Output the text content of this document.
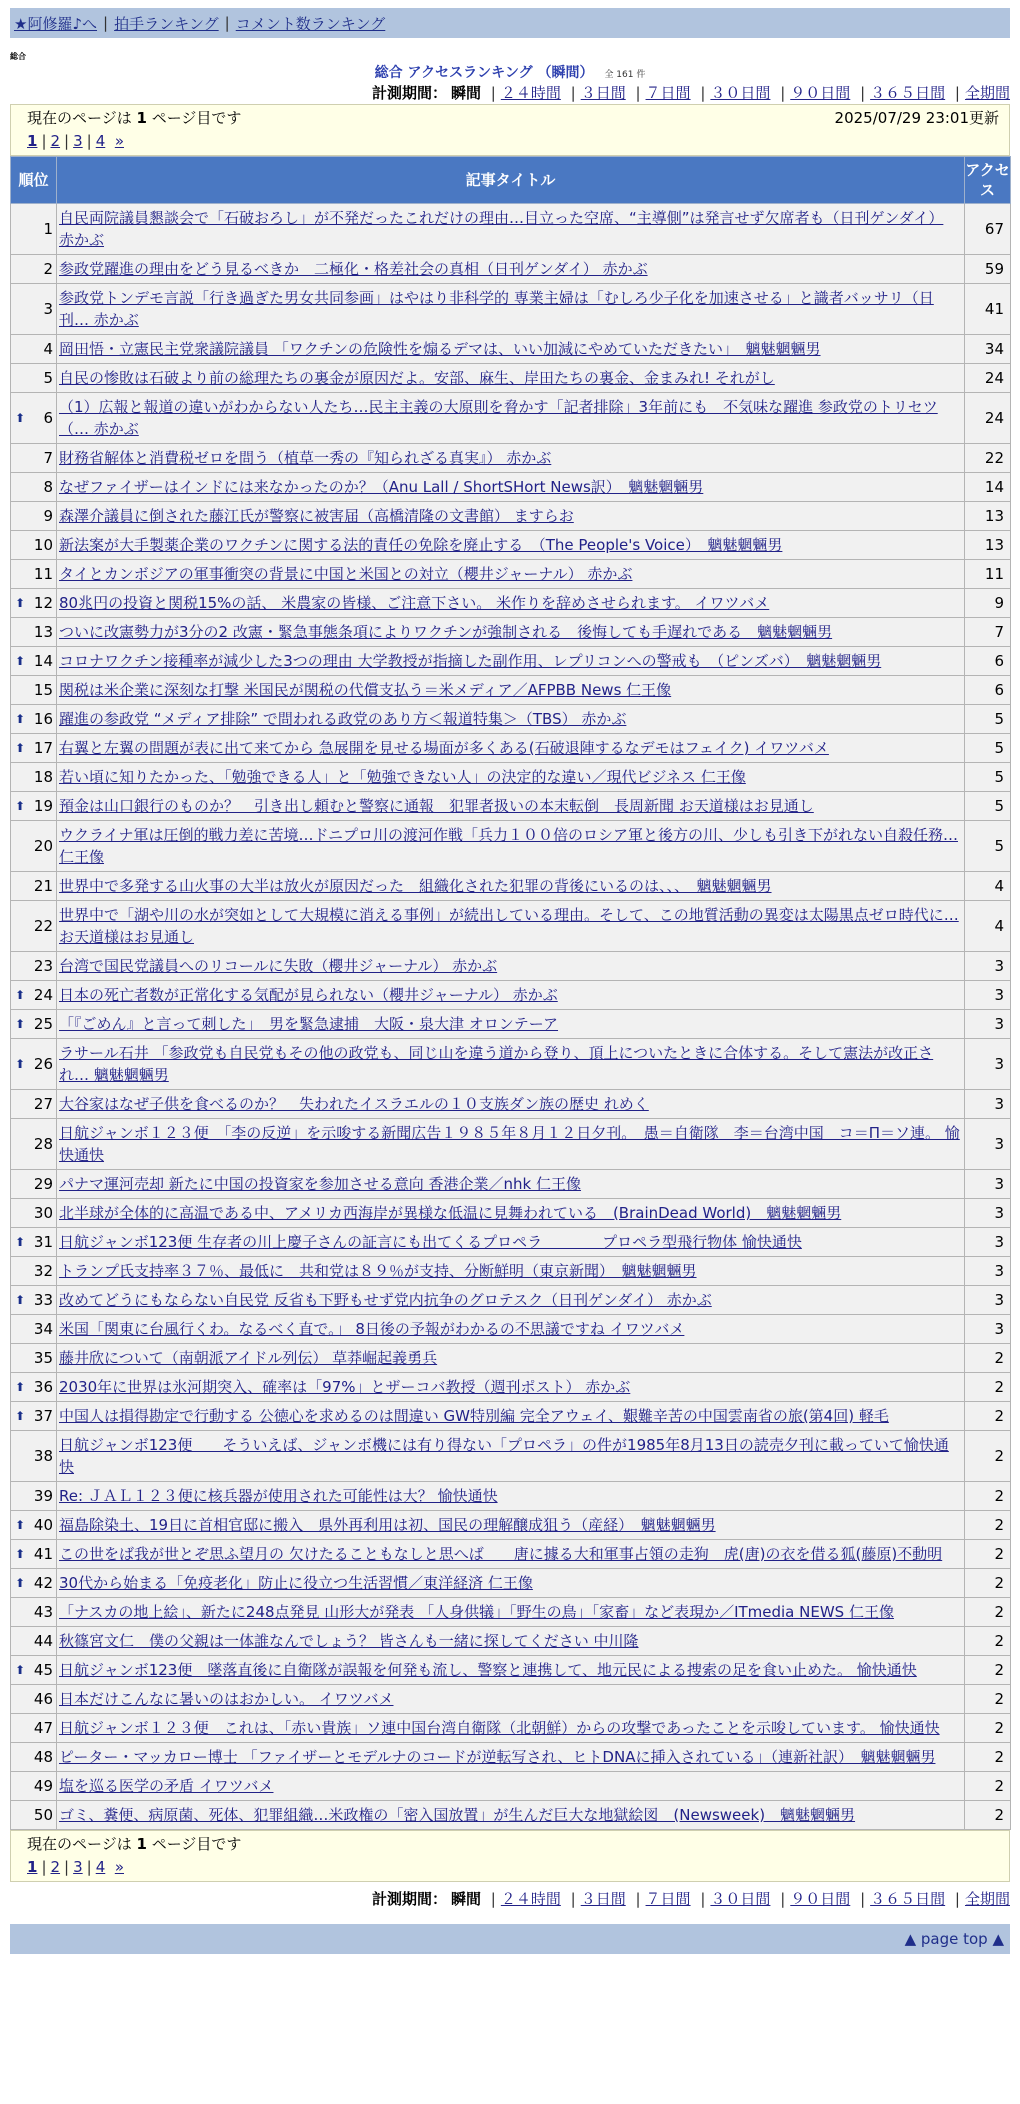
★阿修羅♪へ | 拍手ランキング | コメント数ランキング
総合
総合 アクセスランキング （瞬間） 全 161 件
計測期間： 瞬間 | ２４時間 | ３日間 | ７日間 | ３０日間 | ９０日間 | ３６５日間 | 全期間
現在のページは 1 ページ目です	2025/07/29 23:01更新
1 | 2 | 3 | 4 »
順位	記事タイトル	アクセス
1	自民両院議員懇談会で「石破おろし」が不発だったこれだけの理由…目立った空席、“主導側”は発言せず欠席者も（日刊ゲンダイ） 赤かぶ	67
2	参政党躍進の理由をどう見るべきか　二極化・格差社会の真相（日刊ゲンダイ） 赤かぶ	59
3	参政党トンデモ言説「行き過ぎた男女共同参画」はやはり非科学的 専業主婦は「むしろ少子化を加速させる」と識者バッサリ（日刊… 赤かぶ	41
4	岡田悟・立憲民主党衆議院議員 「ワクチンの危険性を煽るデマは、いい加減にやめていただきたい」　魑魅魍魎男	34
5	自民の惨敗は石破より前の総理たちの裏金が原因だよ。安部、麻生、岸田たちの裏金、金まみれ! それがし	24

⬆ 6	（1）広報と報道の違いがわからない人たち…民主主義の大原則を脅かす「記者排除」3年前にも　不気味な躍進 参政党のトリセツ（… 赤かぶ	24
7	財務省解体と消費税ゼロを問う（植草一秀の『知られざる真実』） 赤かぶ	22
8	なぜファイザーはインドには来なかったのか？（Anu Lall / ShortSHort News訳）　魑魅魍魎男	14
9	森澤介議員に倒された藤江氏が警察に被害届（高橋清隆の文書館） ますらお	13
10	新法案が大手製薬企業のワクチンに関する法的責任の免除を廃止する　（The People's Voice）　魑魅魍魎男	13
11	タイとカンボジアの軍事衝突の背景に中国と米国との対立（櫻井ジャーナル） 赤かぶ	11

⬆ 12	80兆円の投資と関税15%の話、 米農家の皆様、ご注意下さい。 米作りを辞めさせられます。 イワツバメ	9
13	ついに改憲勢力が3分の2 改憲・緊急事態条項によりワクチンが強制される　後悔しても手遅れである　魑魅魍魎男	7

⬆ 14	コロナワクチン接種率が減少した3つの理由 大学教授が指摘した副作用、レプリコンへの警戒も　（ピンズバ）　魑魅魍魎男	6
15	関税は米企業に深刻な打撃 米国民が関税の代償支払う＝米メディア／AFPBB News 仁王像	6

⬆ 16	躍進の参政党 “メディア排除” で問われる政党のあり方＜報道特集＞（TBS） 赤かぶ	5

⬆ 17	右翼と左翼の問題が表に出て来てから 急展開を見せる場面が多くある(石破退陣するなデモはフェイク) イワツバメ	5
18	若い頃に知りたかった、「勉強できる人」と「勉強できない人」の決定的な違い／現代ビジネス 仁王像	5

⬆ 19	預金は山口銀行のものか？　引き出し頼むと警察に通報　犯罪者扱いの本末転倒　長周新聞 お天道様はお見通し	5
20	ウクライナ軍は圧倒的戦力差に苦境…ドニプロ川の渡河作戦「兵力１００倍のロシア軍と後方の川、少しも引き下がれない自殺任務… 仁王像	5
21	世界中で多発する山火事の大半は放火が原因だった　組織化された犯罪の背後にいるのは、、、　魑魅魍魎男	4
22	世界中で「湖や川の水が突如として大規模に消える事例」が続出している理由。そして、この地質活動の異変は太陽黒点ゼロ時代に… お天道様はお見通し	4
23	台湾で国民党議員へのリコールに失敗（櫻井ジャーナル） 赤かぶ	3

⬆ 24	日本の死亡者数が正常化する気配が見られない（櫻井ジャーナル） 赤かぶ	3

⬆ 25	「『ごめん』と言って刺した」　男を緊急逮捕　大阪・泉大津 オロンテーア	3

⬆ 26	ラサール石井 「参政党も自民党もその他の政党も、同じ山を違う道から登り、頂上についたときに合体する。そして憲法が改正され… 魑魅魍魎男	3
27	大谷家はなぜ子供を食べるのか？　失われたイスラエルの１０支族ダン族の歴史 れめく	3
28	日航ジャンボ１２３便　「李の反逆」を示唆する新聞広告１９８５年８月１２日夕刊。　愚＝自衛隊　李＝台湾中国　コ＝Π＝ソ連。 愉快通快	3
29	パナマ運河売却 新たに中国の投資家を参加させる意向 香港企業／nhk 仁王像	3
30	北半球が全体的に高温である中、アメリカ西海岸が異様な低温に見舞われている　(BrainDead World)　魑魅魍魎男	3

⬆ 31	日航ジャンボ123便 生存者の川上慶子さんの証言にも出てくるプロペラ　　　　プロペラ型飛行物体 愉快通快	3
32	トランプ氏支持率３７％、最低に　共和党は８９％が支持、分断鮮明（東京新聞）　魑魅魍魎男	3

⬆ 33	改めてどうにもならない自民党 反省も下野もせず党内抗争のグロテスク（日刊ゲンダイ） 赤かぶ	3
34	米国「関東に台風行くわ。なるべく直で。」 8日後の予報がわかるの不思議ですね イワツバメ	3
35	藤井欣について（南朝派アイドル列伝） 草莽崛起義勇兵	2

⬆ 36	2030年に世界は氷河期突入、確率は「97%」とザーコバ教授（週刊ポスト） 赤かぶ	2

⬆ 37	中国人は損得勘定で行動する 公徳心を求めるのは間違い GW特別編 完全アウェイ、艱難辛苦の中国雲南省の旅(第4回) 軽毛	2
38	日航ジャンボ123便　　そういえば、ジャンボ機には有り得ない「プロペラ」の件が1985年8月13日の読売夕刊に載っていて愉快通快	2
39	Re: ＪＡＬ１２３便に核兵器が使用された可能性は大？ 愉快通快	2

⬆ 40	福島除染土、19日に首相官邸に搬入　県外再利用は初、国民の理解醸成狙う（産経）　魑魅魍魎男	2

⬆ 41	この世をば我が世とぞ思ふ望月の 欠けたることもなしと思へば　　唐に據る大和軍事占領の走狗　虎(唐)の衣を借る狐(藤原)不動明	2

⬆ 42	30代から始まる「免疫老化」防止に役立つ生活習慣／東洋経済 仁王像	2
43	「ナスカの地上絵」、新たに248点発見 山形大が発表 「人身供犠」「野生の鳥」「家畜」など表現か／ITmedia NEWS 仁王像	2
44	秋篠宮文仁　僕の父親は一体誰なんでしょう？ 皆さんも一緒に探してください 中川隆	2

⬆ 45	日航ジャンボ123便　墜落直後に自衛隊が誤報を何発も流し、警察と連携して、地元民による捜索の足を食い止めた。 愉快通快	2
46	日本だけこんなに暑いのはおかしい。 イワツバメ	2
47	日航ジャンボ１２３便　これは、「赤い貴族」ソ連中国台湾自衛隊（北朝鮮）からの攻撃であったことを示唆しています。 愉快通快	2
48	ピーター・マッカロー博士 「ファイザーとモデルナのコードが逆転写され、ヒトDNAに挿入されている」（連新社訳）　魑魅魍魎男	2
49	塩を巡る医学の矛盾 イワツバメ	2
50	ゴミ、糞便、病原菌、死体、犯罪組織…米政権の「密入国放置」が生んだ巨大な地獄絵図　(Newsweek)　魑魅魍魎男	2
現在のページは 1 ページ目です
1 | 2 | 3 | 4 »
計測期間： 瞬間 | ２４時間 | ３日間 | ７日間 | ３０日間 | ９０日間 | ３６５日間 | 全期間
▲ page top ▲
